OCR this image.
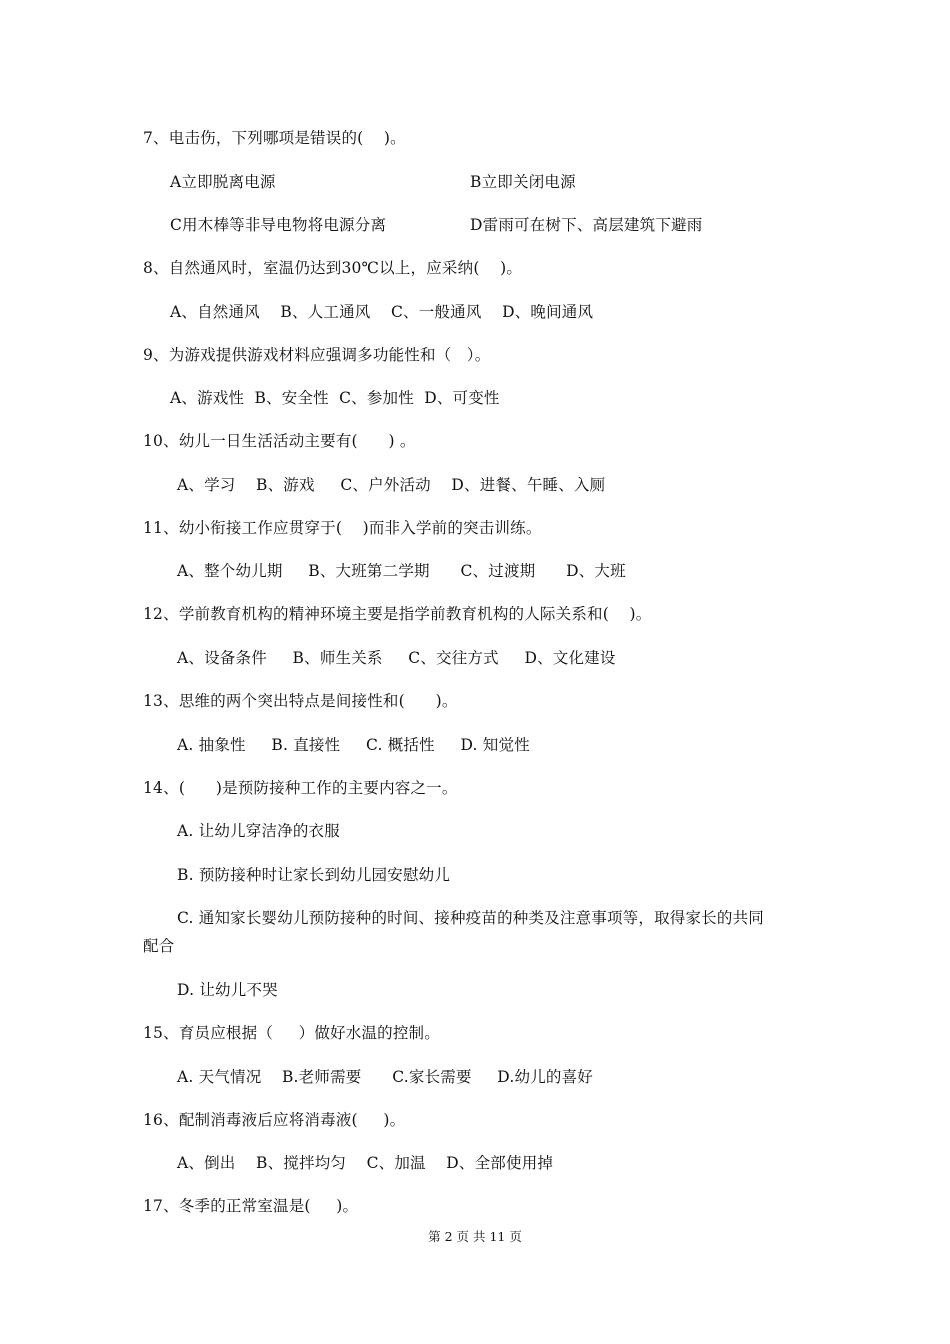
7、电击伤，下列哪项是错误的(    )。
A立即脱离电源	B立即关闭电源
C用木棒等非导电物将电源分离	D雷雨可在树下、高层建筑下避雨
8、自然通风时，室温仍达到30℃以上，应采纳(    )。
A、自然通风    B、人工通风    C、一般通风    D、晚间通风
9、为游戏提供游戏材料应强调多功能性和（   ）。
A、游戏性  B、安全性  C、参加性  D、可变性
10、幼儿一日生活活动主要有(      ) 。
A、学习    B、游戏     C、户外活动    D、进餐、午睡、入厕
11、幼小衔接工作应贯穿于(    )而非入学前的突击训练。
A、整个幼儿期     B、大班第二学期      C、过渡期      D、大班
12、学前教育机构的精神环境主要是指学前教育机构的人际关系和(    )。
A、设备条件     B、师生关系     C、交往方式     D、文化建设
13、思维的两个突出特点是间接性和(      )。
A. 抽象性     B. 直接性     C. 概括性     D. 知觉性
14、(      )是预防接种工作的主要内容之一。
A. 让幼儿穿洁净的衣服
B. 预防接种时让家长到幼儿园安慰幼儿
C. 通知家长婴幼儿预防接种的时间、接种疫苗的种类及注意事项等，取得家长的共同
配合
D. 让幼儿不哭
15、育员应根据（     ）做好水温的控制。
A. 天气情况    B.老师需要      C.家长需要     D.幼儿的喜好
16、配制消毒液后应将消毒液(     )。
A、倒出    B、搅拌均匀    C、加温    D、全部使用掉
17、冬季的正常室温是(     )。
第 2 页 共 11 页
